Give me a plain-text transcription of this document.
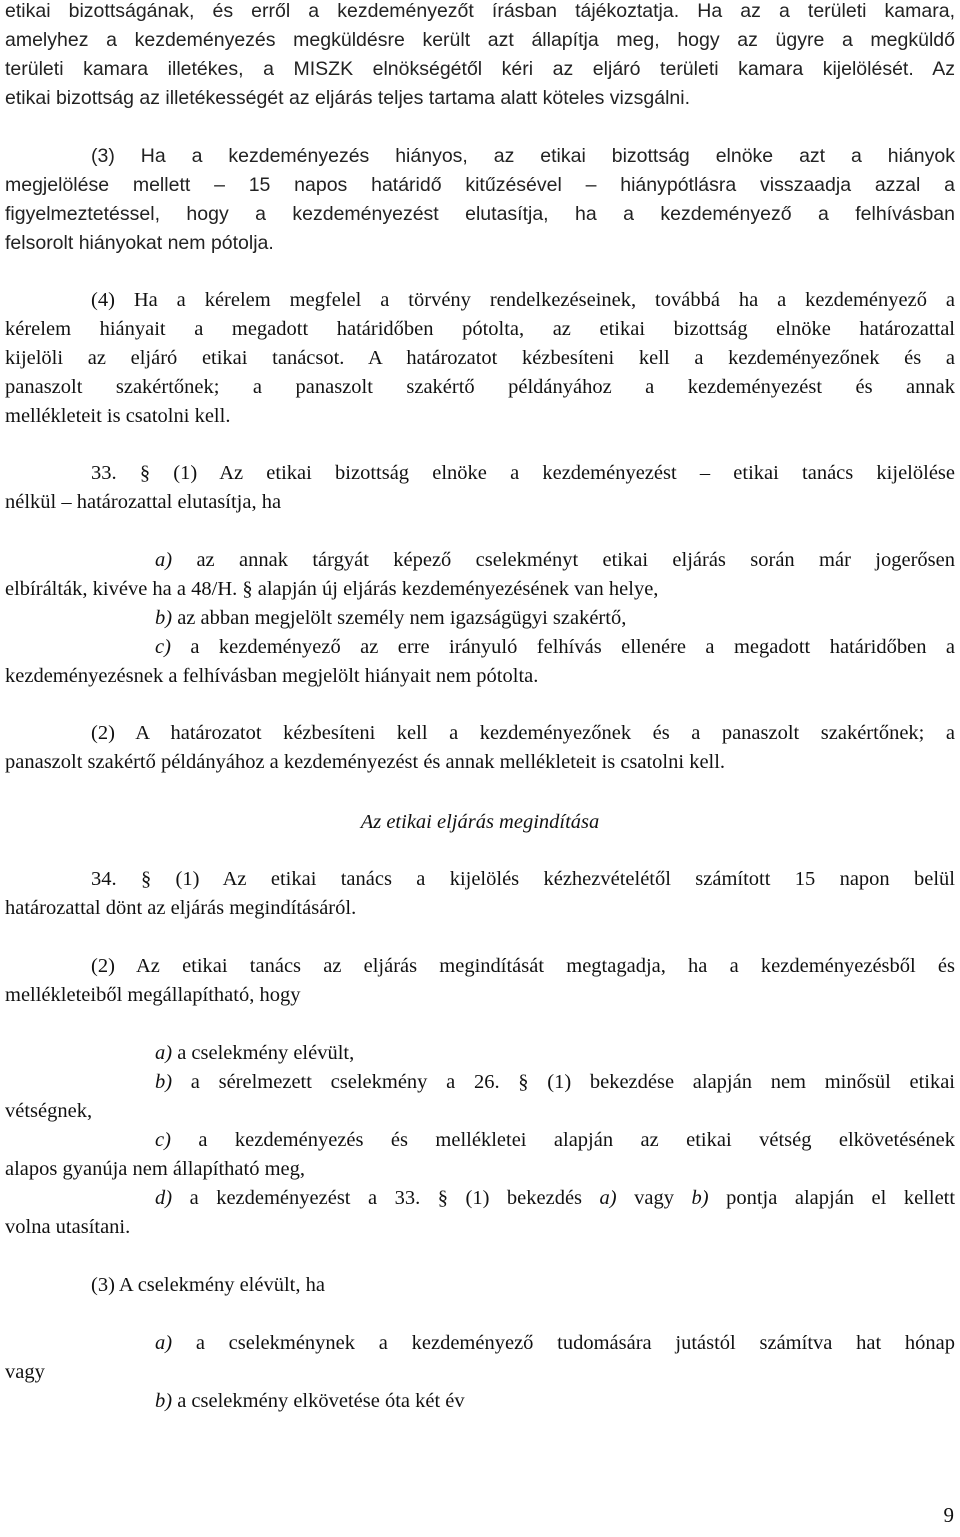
etikai bizottságának, és erről a kezdeményezőt írásban tájékoztatja. Ha az a területi kamara,
amelyhez a kezdeményezés megküldésre került azt állapítja meg, hogy az ügyre a megküldő
területi kamara illetékes, a MISZK elnökségétől kéri az eljáró területi kamara kijelölését. Az
etikai bizottság az illetékességét az eljárás teljes tartama alatt köteles vizsgálni.
(3) Ha a kezdeményezés hiányos, az etikai bizottság elnöke azt a hiányok
megjelölése mellett – 15 napos határidő kitűzésével – hiánypótlásra visszaadja azzal a
figyelmeztetéssel, hogy a kezdeményezést elutasítja, ha a kezdeményező a felhívásban
felsorolt hiányokat nem pótolja.
(4) Ha a kérelem megfelel a törvény rendelkezéseinek, továbbá ha a kezdeményező a
kérelem hiányait a megadott határidőben pótolta, az etikai bizottság elnöke határozattal
kijelöli az eljáró etikai tanácsot. A határozatot kézbesíteni kell a kezdeményezőnek és a
panaszolt szakértőnek; a panaszolt szakértő példányához a kezdeményezést és annak
mellékleteit is csatolni kell.
33. § (1) Az etikai bizottság elnöke a kezdeményezést – etikai tanács kijelölése
nélkül – határozattal elutasítja, ha
a) az annak tárgyát képező cselekményt etikai eljárás során már jogerősen
elbírálták, kivéve ha a 48/H. § alapján új eljárás kezdeményezésének van helye,
b) az abban megjelölt személy nem igazságügyi szakértő,
c) a kezdeményező az erre irányuló felhívás ellenére a megadott határidőben a
kezdeményezésnek a felhívásban megjelölt hiányait nem pótolta.
(2) A határozatot kézbesíteni kell a kezdeményezőnek és a panaszolt szakértőnek; a
panaszolt szakértő példányához a kezdeményezést és annak mellékleteit is csatolni kell.
Az etikai eljárás megindítása
34. § (1) Az etikai tanács a kijelölés kézhezvételétől számított 15 napon belül
határozattal dönt az eljárás megindításáról.
(2) Az etikai tanács az eljárás megindítását megtagadja, ha a kezdeményezésből és
mellékleteiből megállapítható, hogy
a) a cselekmény elévült,
b) a sérelmezett cselekmény a 26. § (1) bekezdése alapján nem minősül etikai
vétségnek,
c) a kezdeményezés és mellékletei alapján az etikai vétség elkövetésének
alapos gyanúja nem állapítható meg,
d) a kezdeményezést a 33. § (1) bekezdés a) vagy b) pontja alapján el kellett
volna utasítani.
(3) A cselekmény elévült, ha
a) a cselekménynek a kezdeményező tudomására jutástól számítva hat hónap
vagy
b) a cselekmény elkövetése óta két év
9
